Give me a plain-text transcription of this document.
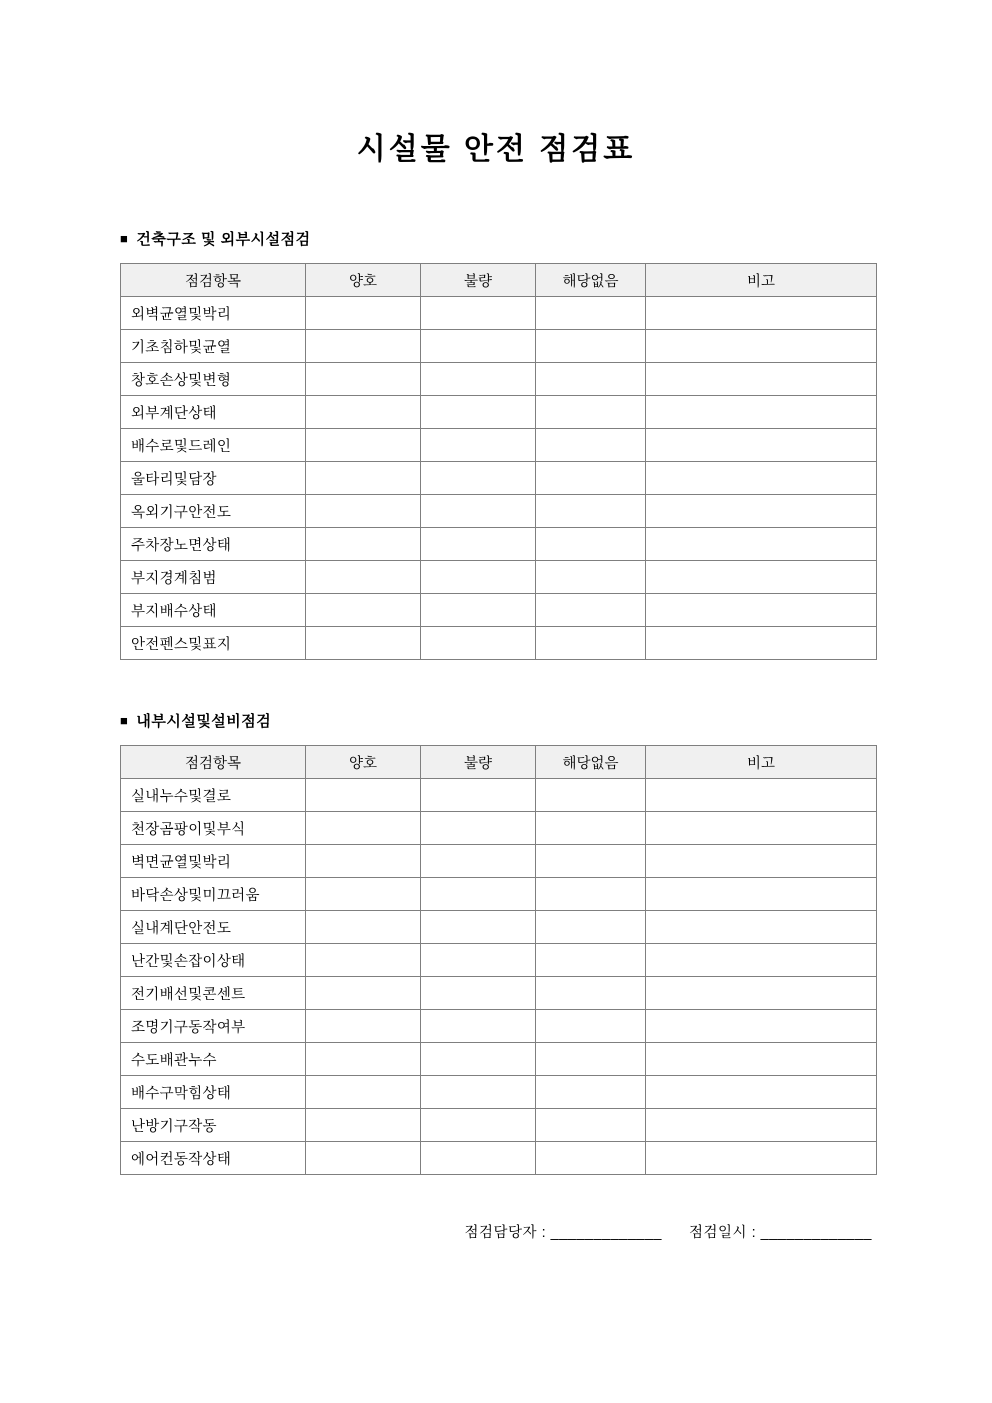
시설물 안전 점검표
■ 건축구조 및 외부시설점검
점검항목	양호	불량	해당없음	비고
외벽균열및박리				
기초침하및균열				
창호손상및변형				
외부계단상태				
배수로및드레인				
울타리및담장				
옥외기구안전도				
주차장노면상태				
부지경계침범				
부지배수상태				
안전펜스및표지				
■ 내부시설및설비점검
점검항목	양호	불량	해당없음	비고
실내누수및결로				
천장곰팡이및부식				
벽면균열및박리				
바닥손상및미끄러움				
실내계단안전도				
난간및손잡이상태				
전기배선및콘센트				
조명기구동작여부				
수도배관누수				
배수구막힘상태				
난방기구작동				
에어컨동작상태				
점검담당자 : _____________ 점검일시 : _____________
